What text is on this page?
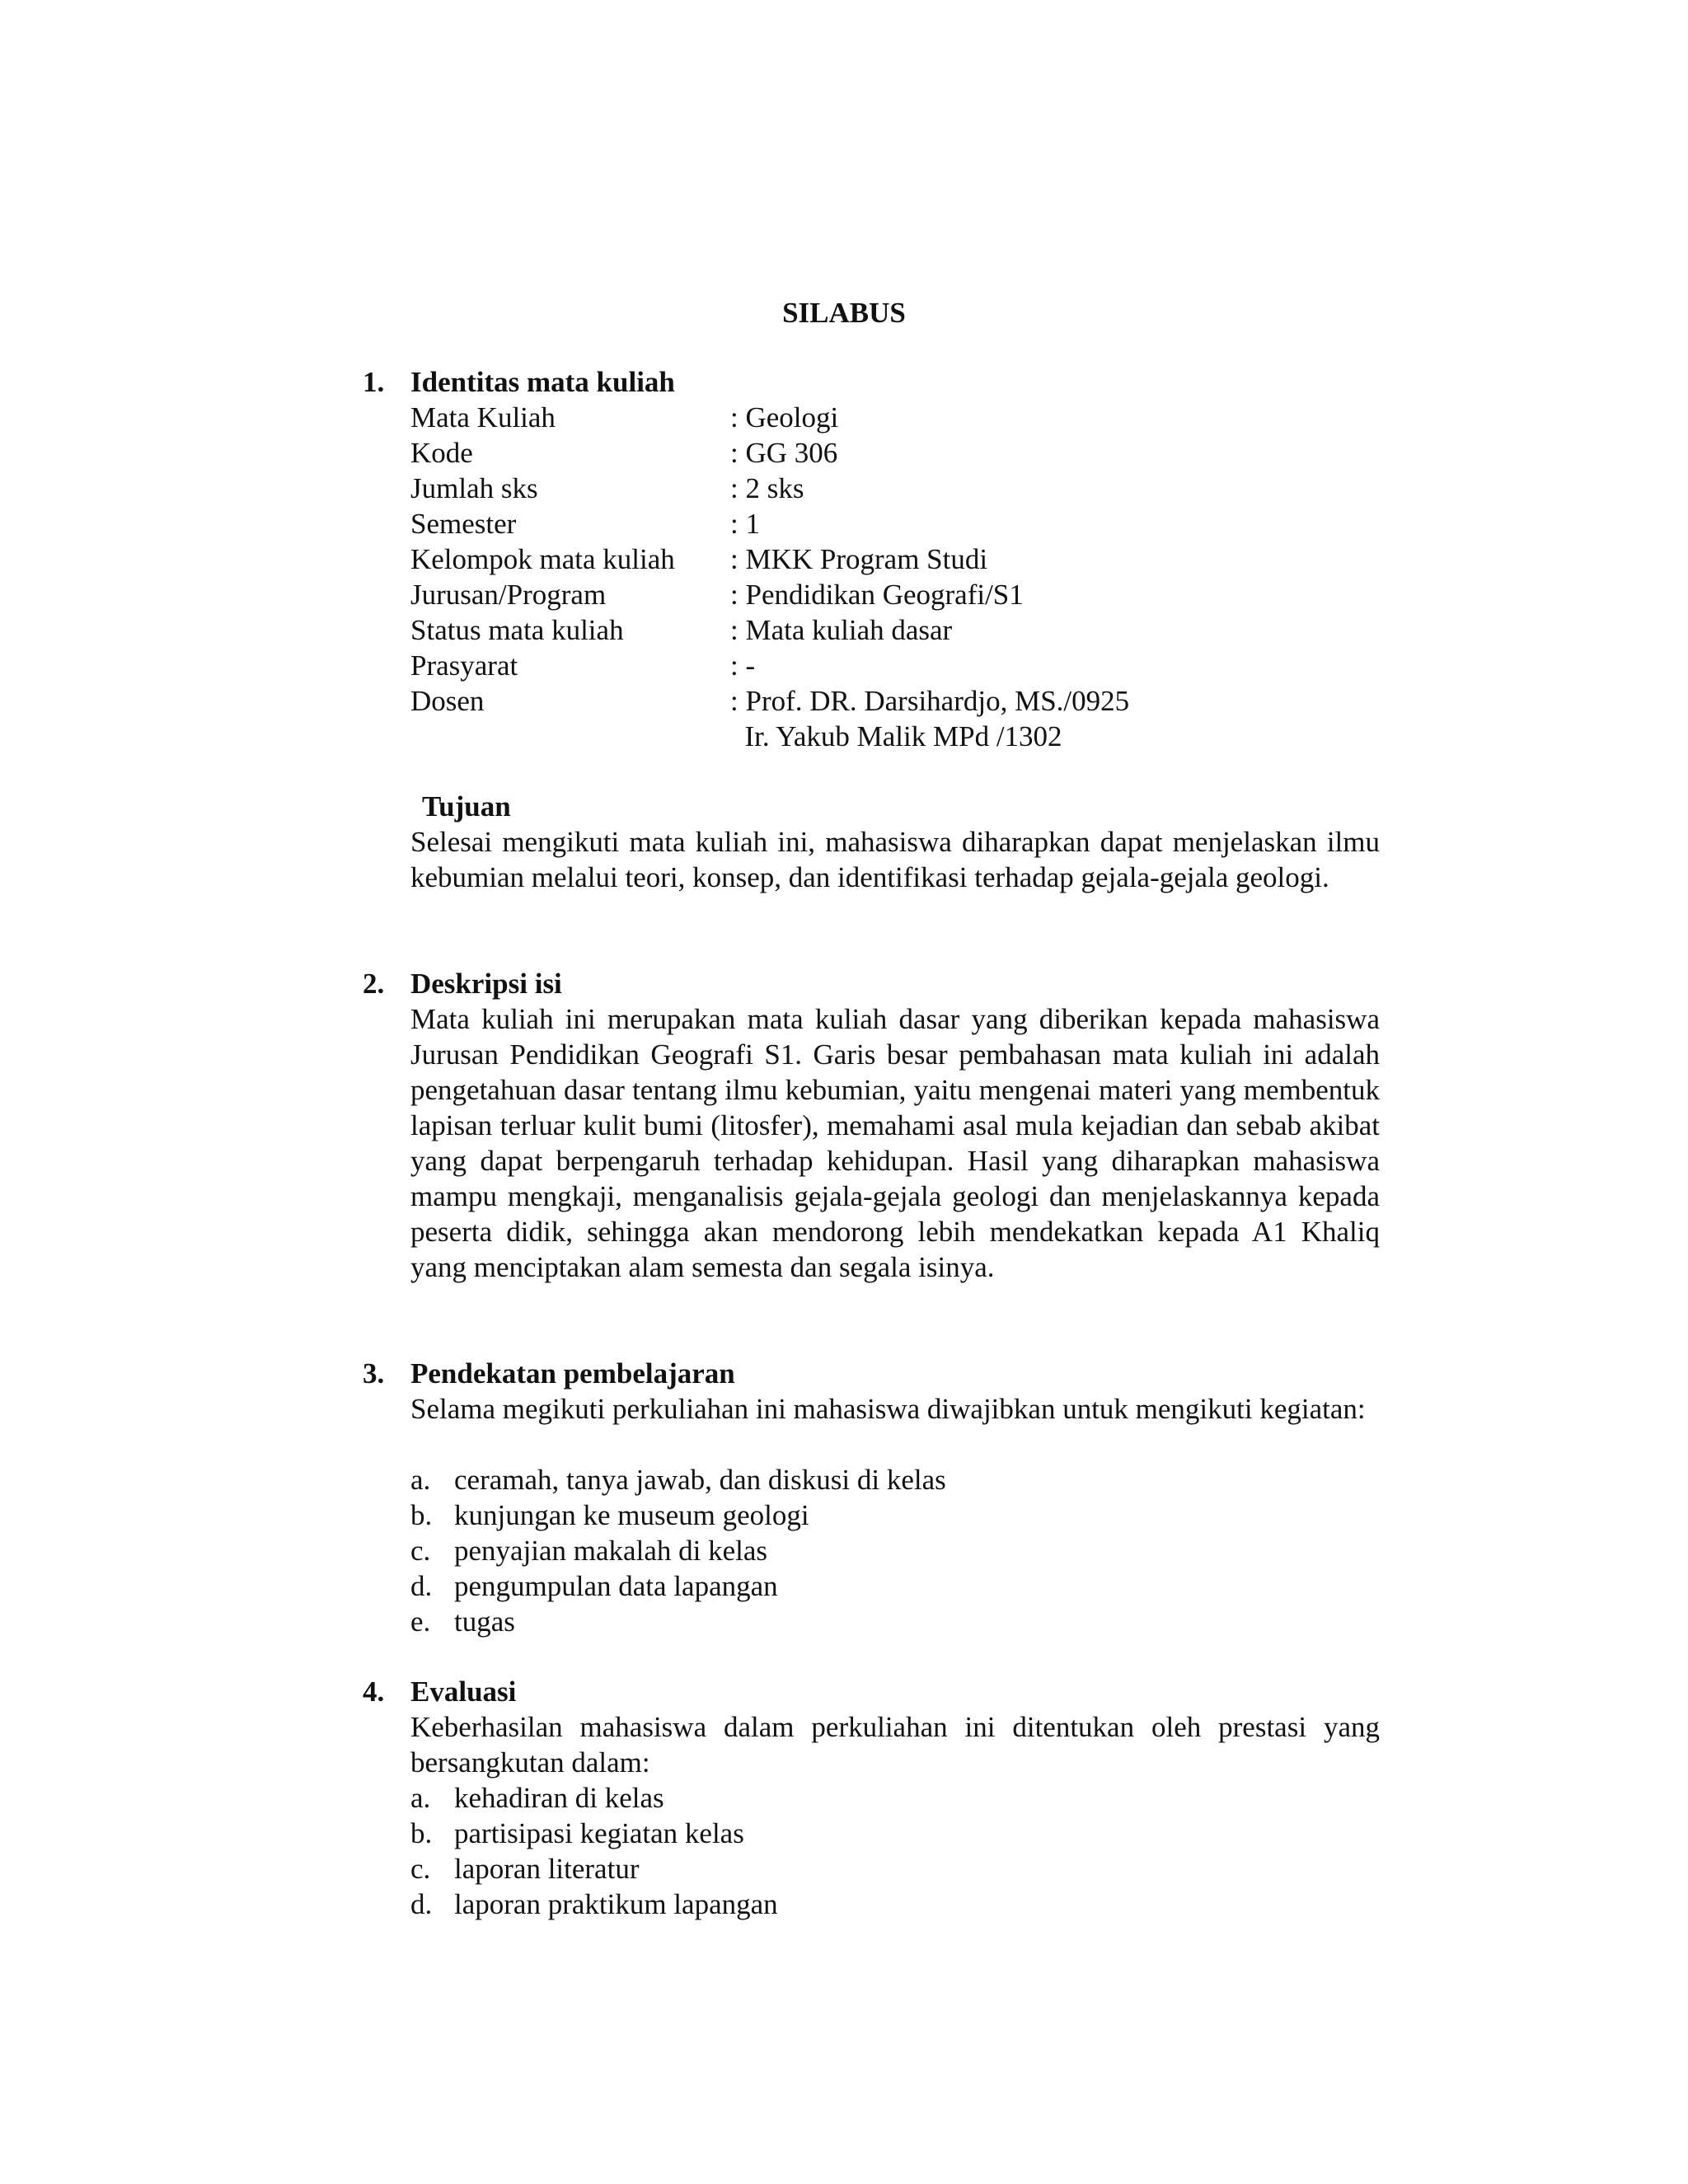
SILABUS
1. Identitas mata kuliah
Mata Kuliah	: Geologi
Kode	: GG 306
Jumlah sks	: 2 sks
Semester	: 1
Kelompok mata kuliah : MKK Program Studi
Jurusan/Program	: Pendidikan Geografi/S1
Status mata kuliah	: Mata kuliah dasar
Prasyarat	: -
Dosen	: Prof. DR. Darsihardjo, MS./0925
Ir. Yakub Malik MPd /1302
Tujuan
Selesai mengikuti mata kuliah ini, mahasiswa diharapkan dapat menjelaskan ilmu kebumian melalui teori, konsep, dan identifikasi terhadap gejala-gejala geologi.
2. Deskripsi isi
Mata kuliah ini merupakan mata kuliah dasar yang diberikan kepada mahasiswa Jurusan Pendidikan Geografi S1. Garis besar pembahasan mata kuliah ini adalah pengetahuan dasar tentang ilmu kebumian, yaitu mengenai materi yang membentuk lapisan terluar kulit bumi (litosfer), memahami asal mula kejadian dan sebab akibat yang dapat berpengaruh terhadap kehidupan. Hasil yang diharapkan mahasiswa mampu mengkaji, menganalisis gejala-gejala geologi dan menjelaskannya kepada peserta didik, sehingga akan mendorong lebih mendekatkan kepada A1 Khaliq yang menciptakan alam semesta dan segala isinya.
3. Pendekatan pembelajaran
Selama megikuti perkuliahan ini mahasiswa diwajibkan untuk mengikuti kegiatan:
a. ceramah, tanya jawab, dan diskusi di kelas
b. kunjungan ke museum geologi
c. penyajian makalah di kelas
d. pengumpulan data lapangan
e. tugas
4. Evaluasi
Keberhasilan mahasiswa dalam perkuliahan ini ditentukan oleh prestasi yang bersangkutan dalam:
a. kehadiran di kelas
b. partisipasi kegiatan kelas
c. laporan literatur
d. laporan praktikum lapangan
